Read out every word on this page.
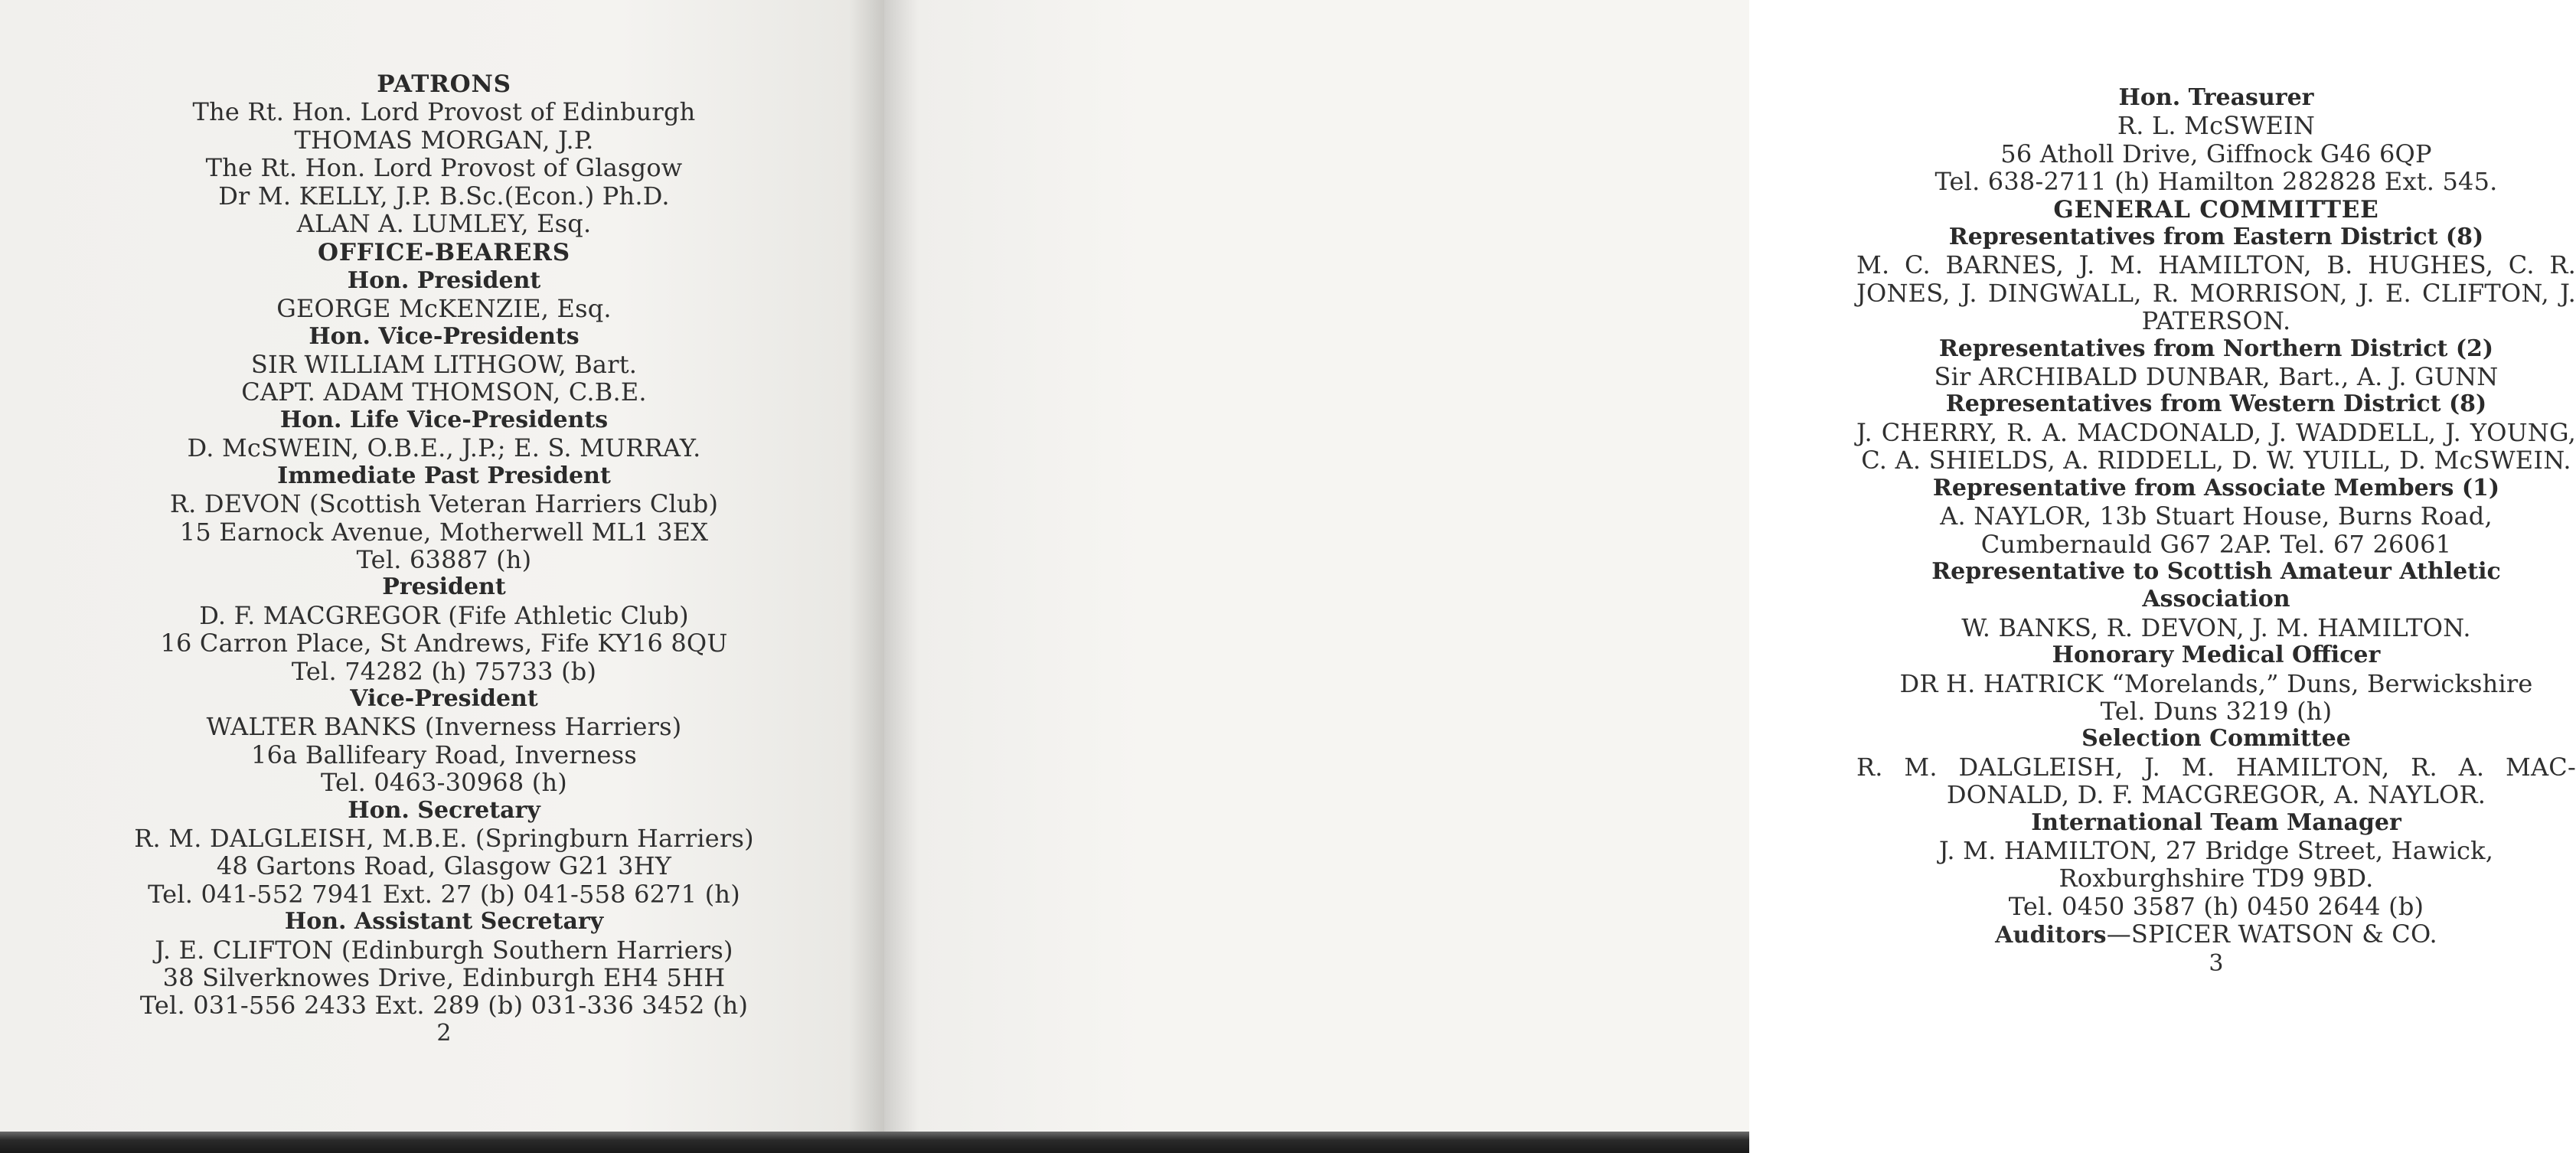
PATRONS
The Rt. Hon. Lord Provost of Edinburgh
THOMAS MORGAN, J.P.
The Rt. Hon. Lord Provost of Glasgow
Dr M. KELLY, J.P. B.Sc.(Econ.) Ph.D.
ALAN A. LUMLEY, Esq.
OFFICE-BEARERS
Hon. President
GEORGE McKENZIE, Esq.
Hon. Vice-Presidents
SIR WILLIAM LITHGOW, Bart.
CAPT. ADAM THOMSON, C.B.E.
Hon. Life Vice-Presidents
D. McSWEIN, O.B.E., J.P.; E. S. MURRAY.
Immediate Past President
R. DEVON (Scottish Veteran Harriers Club)
15 Earnock Avenue, Motherwell ML1 3EX
Tel. 63887 (h)
President
D. F. MACGREGOR (Fife Athletic Club)
16 Carron Place, St Andrews, Fife KY16 8QU
Tel. 74282 (h) 75733 (b)
Vice-President
WALTER BANKS (Inverness Harriers)
16a Ballifeary Road, Inverness
Tel. 0463-30968 (h)
Hon. Secretary
R. M. DALGLEISH, M.B.E. (Springburn Harriers)
48 Gartons Road, Glasgow G21 3HY
Tel. 041-552 7941 Ext. 27 (b) 041-558 6271 (h)
Hon. Assistant Secretary
J. E. CLIFTON (Edinburgh Southern Harriers)
38 Silverknowes Drive, Edinburgh EH4 5HH
Tel. 031-556 2433 Ext. 289 (b) 031-336 3452 (h)
2
Hon. Treasurer
R. L. McSWEIN
56 Atholl Drive, Giffnock G46 6QP
Tel. 638-2711 (h) Hamilton 282828 Ext. 545.
GENERAL COMMITTEE
Representatives from Eastern District (8)
M. C. BARNES, J. M. HAMILTON, B. HUGHES, C. R. JONES, J. DINGWALL, R. MORRISON, J. E. CLIFTON, J. PATERSON.
Representatives from Northern District (2)
Sir ARCHIBALD DUNBAR, Bart., A. J. GUNN
Representatives from Western District (8)
J. CHERRY, R. A. MACDONALD, J. WADDELL, J. YOUNG, C. A. SHIELDS, A. RIDDELL, D. W. YUILL, D. McSWEIN.
Representative from Associate Members (1)
A. NAYLOR, 13b Stuart House, Burns Road,
Cumbernauld G67 2AP. Tel. 67 26061
Representative to Scottish Amateur Athletic
Association
W. BANKS, R. DEVON, J. M. HAMILTON.
Honorary Medical Officer
DR H. HATRICK “Morelands,” Duns, Berwickshire
Tel. Duns 3219 (h)
Selection Committee
R. M. DALGLEISH, J. M. HAMILTON, R. A. MAC-DONALD, D. F. MACGREGOR, A. NAYLOR.
International Team Manager
J. M. HAMILTON, 27 Bridge Street, Hawick,
Roxburghshire TD9 9BD.
Tel. 0450 3587 (h) 0450 2644 (b)
Auditors—SPICER WATSON & CO.
3
